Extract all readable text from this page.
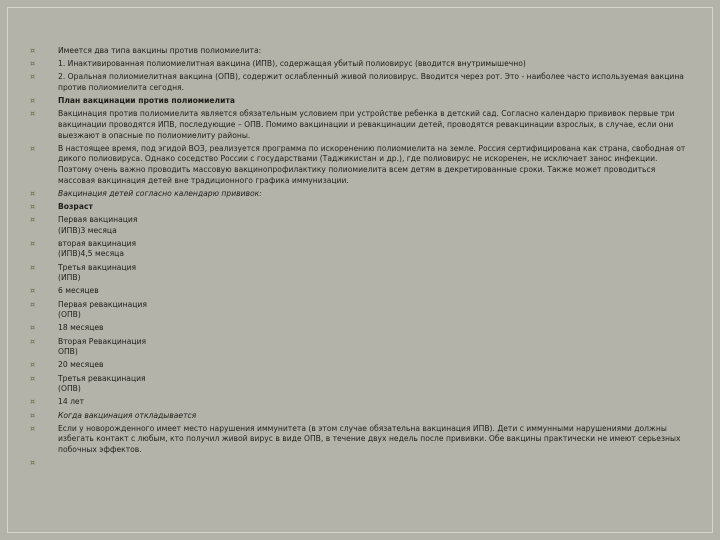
¤	Имеется два типа вакцины против полиомиелита:
¤	1. Инактивированная полиомиелитная вакцина (ИПВ), содержащая убитый полиовирус (вводится внутримышечно)
¤	2. Оральная полиомиелитная вакцина (ОПВ), содержит ослабленный живой полиовирус. Вводится через рот. Это - наиболее часто используемая вакцина против полиомиелита сегодня.
¤	План вакцинации против полиомиелита
¤	Вакцинация против полиомиелита является обязательным условием при устройстве ребенка в детский сад. Согласно календарю прививок первые три вакцинации проводятся ИПВ, последующие – ОПВ. Помимо вакцинации и ревакцинации детей, проводятся ревакцинации взрослых, в случае, если они выезжают в опасные по полиомиелиту районы.
¤	В настоящее время, под эгидой ВОЗ, реализуется программа по искоренению полиомиелита на земле. Россия сертифицирована как страна, свободная от дикого полиовируса. Однако соседство России с государствами (Таджикистан и др.), где полиовирус не искоренен, не исключает занос инфекции. Поэтому очень важно проводить массовую вакцинопрофилактику полиомиелита всем детям в декретированные сроки. Также может проводиться массовая вакцинация детей вне традиционного графика иммунизации.
¤	Вакцинация детей согласно календарю прививок:
¤	Возраст
¤	Первая вакцинация
(ИПВ)3 месяца
¤	вторая вакцинация
(ИПВ)4,5 месяца
¤	Третья вакцинация
(ИПВ)
¤	6 месяцев
¤	Первая ревакцинация
(ОПВ)
¤	18 месяцев
¤	Вторая Ревакцинация
ОПВ)
¤	20 месяцев
¤	Третья ревакцинация
(ОПВ)
¤	14 лет
¤	Когда вакцинация откладывается
¤	Если у новорожденного имеет место нарушения иммунитета (в этом случае обязательна вакцинация ИПВ). Дети с иммунными нарушениями должны избегать контакт с любым, кто получил живой вирус в виде ОПВ, в течение двух недель после прививки. Обе вакцины практически не имеют серьезных побочных эффектов.
¤
